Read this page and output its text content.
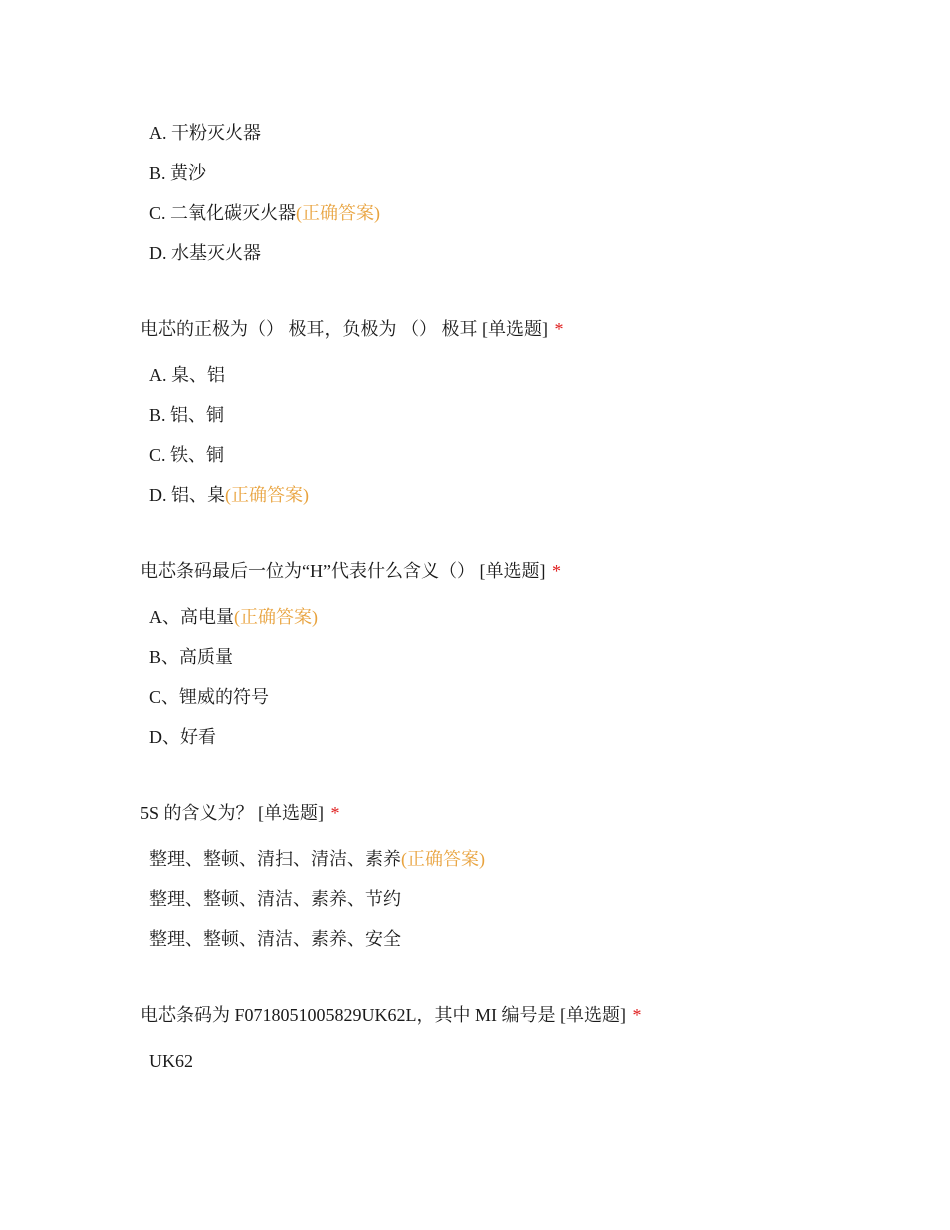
A. 干粉灭火器
B. 黄沙
C. 二氧化碳灭火器(正确答案)
D. 水基灭火器
电芯的正极为（） 极耳，负极为 （） 极耳 [单选题] *
A. 臬、铝
B. 铝、铜
C. 铁、铜
D. 铝、臬(正确答案)
电芯条码最后一位为“H”代表什么含义（） [单选题] *
A、高电量(正确答案)
B、高质量
C、锂威的符号
D、好看
5S 的含义为？ [单选题] *
整理、整顿、清扫、清洁、素养(正确答案)
整理、整顿、清洁、素养、节约
整理、整顿、清洁、素养、安全
电芯条码为 F0718051005829UK62L，其中 MI 编号是 [单选题] *
UK62
